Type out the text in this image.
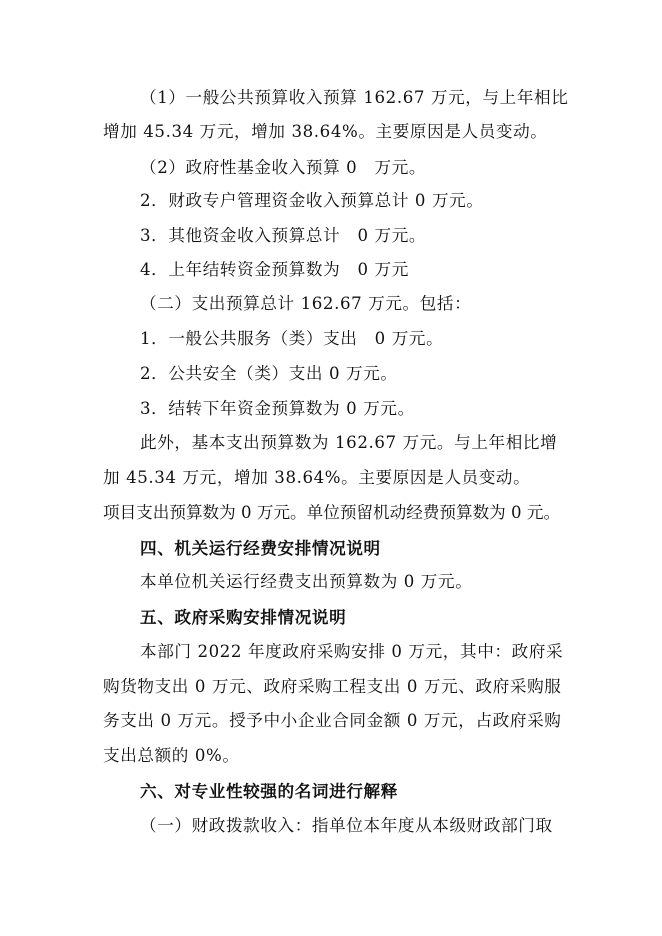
（1）一般公共预算收入预算 162.67 万元，与上年相比
增加 45.34 万元，增加 38.64%。主要原因是人员变动。
（2）政府性基金收入预算 0　万元。
2．财政专户管理资金收入预算总计 0 万元。
3．其他资金收入预算总计　0 万元。
4．上年结转资金预算数为　0 万元
（二）支出预算总计 162.67 万元。包括：
1．一般公共服务（类）支出　0 万元。
2．公共安全（类）支出 0 万元。
3．结转下年资金预算数为 0 万元。
此外，基本支出预算数为 162.67 万元。与上年相比增
加 45.34 万元，增加 38.64%。主要原因是人员变动。
项目支出预算数为 0 万元。单位预留机动经费预算数为 0 元。
四、机关运行经费安排情况说明
本单位机关运行经费支出预算数为 0 万元。
五、政府采购安排情况说明
本部门 2022 年度政府采购安排 0 万元，其中：政府采
购货物支出 0 万元、政府采购工程支出 0 万元、政府采购服
务支出 0 万元。授予中小企业合同金额 0 万元，占政府采购
支出总额的 0%。
六、对专业性较强的名词进行解释
（一）财政拨款收入：指单位本年度从本级财政部门取
